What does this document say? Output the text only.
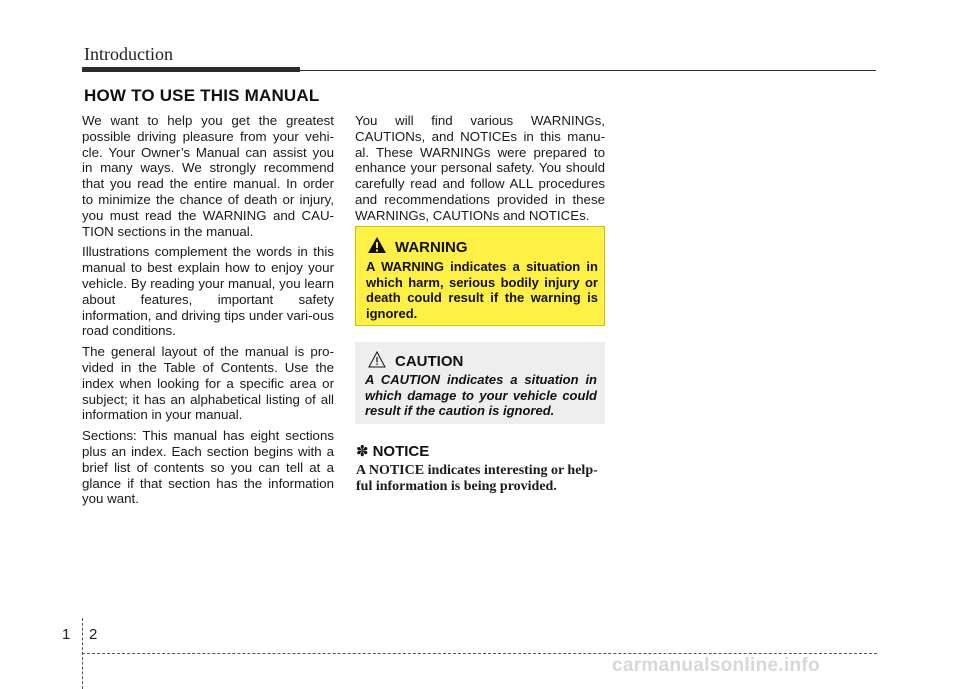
Introduction
HOW TO USE THIS MANUAL

We want to help you get the greatest possible driving pleasure from your vehi-cle. Your Owner’s Manual can assist you in many ways. We strongly recommend that you read the entire manual. In order to minimize the chance of death or injury, you must read the WARNING and CAU-TION sections in the manual.

Illustrations complement the words in this manual to best explain how to enjoy your vehicle. By reading your manual, you learn about features, important safety information, and driving tips under vari-ous road conditions.

The general layout of the manual is pro-vided in the Table of Contents. Use the index when looking for a specific area or subject; it has an alphabetical listing of all information in your manual.

Sections: This manual has eight sections plus an index. Each section begins with a brief list of contents so you can tell at a glance if that section has the information you want.

You will find various WARNINGs, CAUTIONs, and NOTICEs in this manu-al. These WARNINGs were prepared to enhance your personal safety. You should carefully read and follow ALL procedures and recommendations provided in these WARNINGs, CAUTIONs and NOTICEs.

WARNING
A WARNING indicates a situation in which harm, serious bodily injury or death could result if the warning is ignored.
CAUTION
A CAUTION indicates a situation in which damage to your vehicle could result if the caution is ignored.
✽ NOTICE
A NOTICE indicates interesting or help-ful information is being provided.
1 2
carmanualsonline.info
